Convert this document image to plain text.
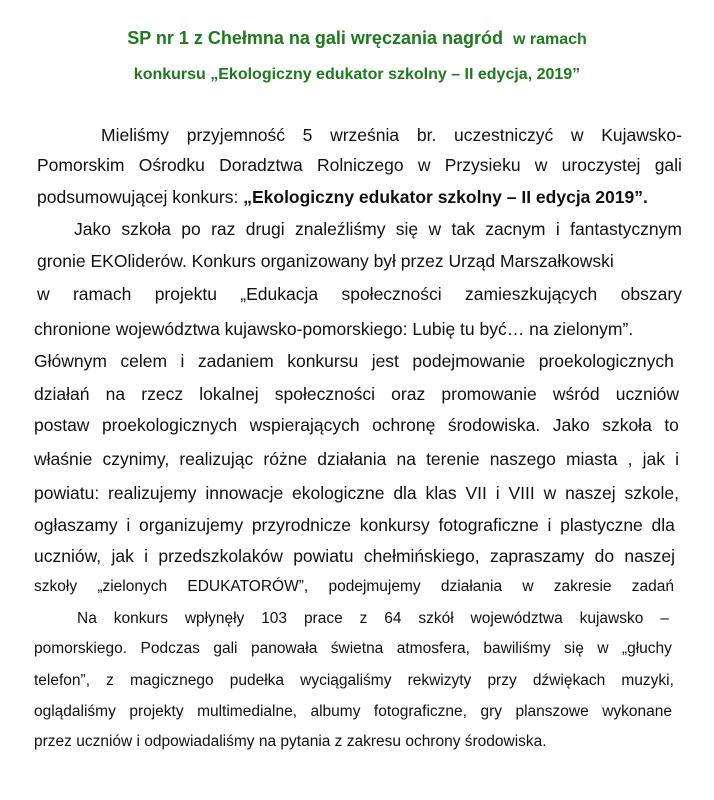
SP nr 1 z Chełmna na gali wręczania nagród w ramach
konkursu „Ekologiczny edukator szkolny – II edycja, 2019”
Mieliśmy przyjemność 5 września br. uczestniczyć w Kujawsko-
Pomorskim Ośrodku Doradztwa Rolniczego w Przysieku w uroczystej gali
podsumowującej konkurs: „Ekologiczny edukator szkolny – II edycja 2019”.
Jako szkoła po raz drugi znaleźliśmy się w tak zacnym i fantastycznym
gronie EKOliderów. Konkurs organizowany był przez Urząd Marszałkowski
w ramach projektu „Edukacja społeczności zamieszkujących obszary
chronione województwa kujawsko-pomorskiego: Lubię tu być… na zielonym”.
Głównym celem i zadaniem konkursu jest podejmowanie proekologicznych
działań na rzecz lokalnej społeczności oraz promowanie wśród uczniów
postaw proekologicznych wspierających ochronę środowiska. Jako szkoła to
właśnie czynimy, realizując różne działania na terenie naszego miasta , jak i
powiatu: realizujemy innowacje ekologiczne dla klas VII i VIII w naszej szkole,
ogłaszamy i organizujemy przyrodnicze konkursy fotograficzne i plastyczne dla
uczniów, jak i przedszkolaków powiatu chełmińskiego, zapraszamy do naszej
szkoły „zielonych EDUKATORÓW”, podejmujemy działania w zakresie zadań
Na konkurs wpłynęły 103 prace z 64 szkół województwa kujawsko –
pomorskiego. Podczas gali panowała świetna atmosfera, bawiliśmy się w „głuchy
telefon”, z magicznego pudełka wyciągaliśmy rekwizyty przy dźwiękach muzyki,
oglądaliśmy projekty multimedialne, albumy fotograficzne, gry planszowe wykonane
przez uczniów i odpowiadaliśmy na pytania z zakresu ochrony środowiska.
